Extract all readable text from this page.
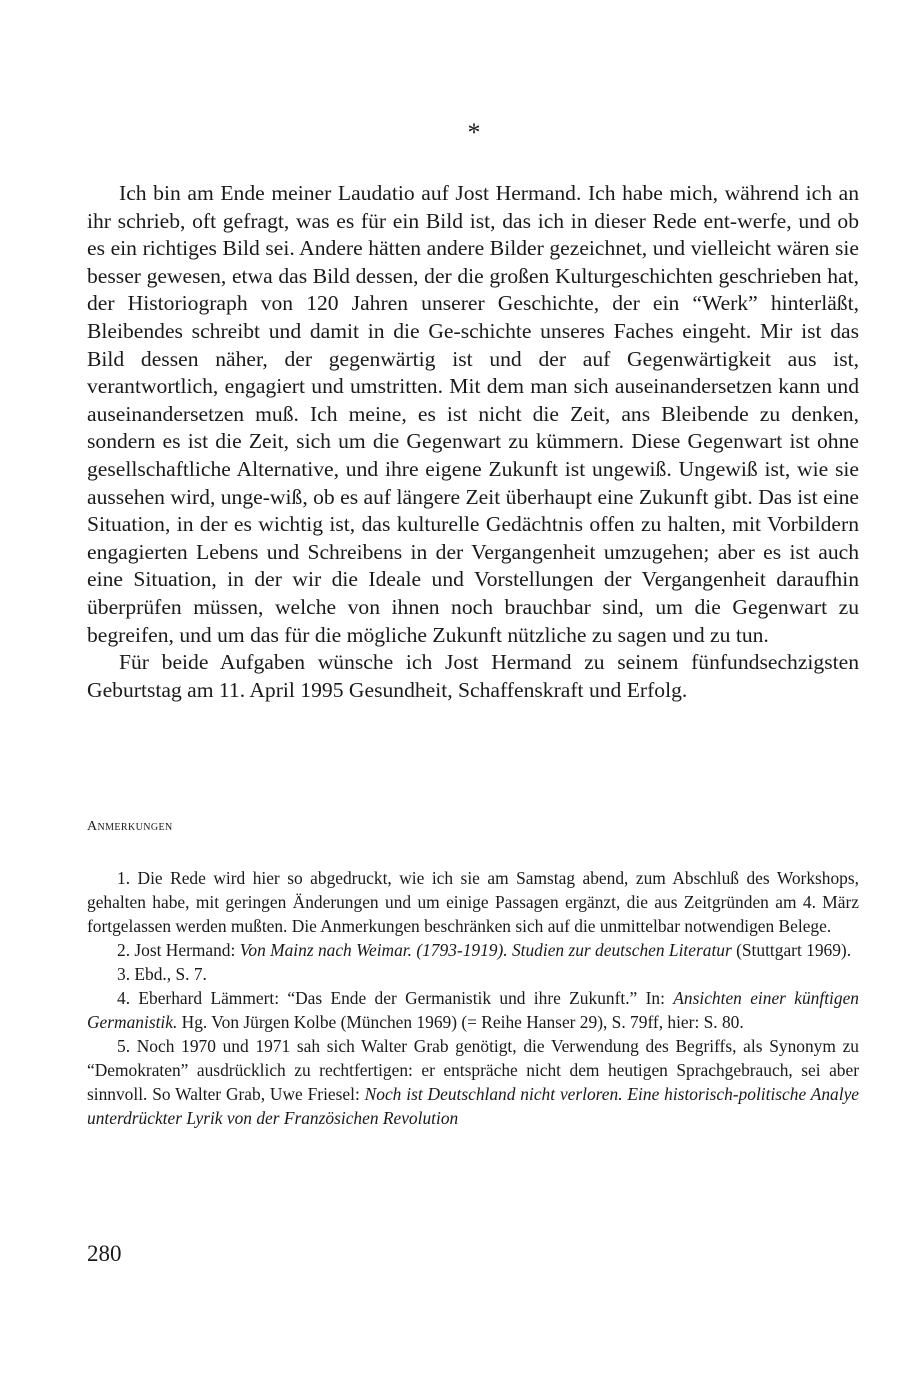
*

Ich bin am Ende meiner Laudatio auf Jost Hermand. Ich habe mich, während ich an ihr schrieb, oft gefragt, was es für ein Bild ist, das ich in dieser Rede ent-werfe, und ob es ein richtiges Bild sei. Andere hätten andere Bilder gezeichnet, und vielleicht wären sie besser gewesen, etwa das Bild dessen, der die großen Kulturgeschichten geschrieben hat, der Historiograph von 120 Jahren unserer Geschichte, der ein “Werk” hinterläßt, Bleibendes schreibt und damit in die Ge-schichte unseres Faches eingeht. Mir ist das Bild dessen näher, der gegenwärtig ist und der auf Gegenwärtigkeit aus ist, verantwortlich, engagiert und umstritten. Mit dem man sich auseinandersetzen kann und auseinandersetzen muß. Ich meine, es ist nicht die Zeit, ans Bleibende zu denken, sondern es ist die Zeit, sich um die Gegenwart zu kümmern. Diese Gegenwart ist ohne gesellschaftliche Alternative, und ihre eigene Zukunft ist ungewiß. Ungewiß ist, wie sie aussehen wird, unge-wiß, ob es auf längere Zeit überhaupt eine Zukunft gibt. Das ist eine Situation, in der es wichtig ist, das kulturelle Gedächtnis offen zu halten, mit Vorbildern engagierten Lebens und Schreibens in der Vergangenheit umzugehen; aber es ist auch eine Situation, in der wir die Ideale und Vorstellungen der Vergangenheit daraufhin überprüfen müssen, welche von ihnen noch brauchbar sind, um die Gegenwart zu begreifen, und um das für die mögliche Zukunft nützliche zu sagen und zu tun.

Für beide Aufgaben wünsche ich Jost Hermand zu seinem fünfundsechzigsten Geburtstag am 11. April 1995 Gesundheit, Schaffenskraft und Erfolg.

Anmerkungen

1. Die Rede wird hier so abgedruckt, wie ich sie am Samstag abend, zum Abschluß des Workshops, gehalten habe, mit geringen Änderungen und um einige Passagen ergänzt, die aus Zeitgründen am 4. März fortgelassen werden mußten. Die Anmerkungen beschränken sich auf die unmittelbar notwendigen Belege.

2. Jost Hermand: Von Mainz nach Weimar. (1793-1919). Studien zur deutschen Literatur (Stuttgart 1969).

3. Ebd., S. 7.

4. Eberhard Lämmert: “Das Ende der Germanistik und ihre Zukunft.” In: Ansichten einer künftigen Germanistik. Hg. Von Jürgen Kolbe (München 1969) (= Reihe Hanser 29), S. 79ff, hier: S. 80.

5. Noch 1970 und 1971 sah sich Walter Grab genötigt, die Verwendung des Begriffs, als Synonym zu “Demokraten” ausdrücklich zu rechtfertigen: er entspräche nicht dem heutigen Sprachgebrauch, sei aber sinnvoll. So Walter Grab, Uwe Friesel: Noch ist Deutschland nicht verloren. Eine historisch-politische Analye unterdrückter Lyrik von der Französichen Revolution

280
